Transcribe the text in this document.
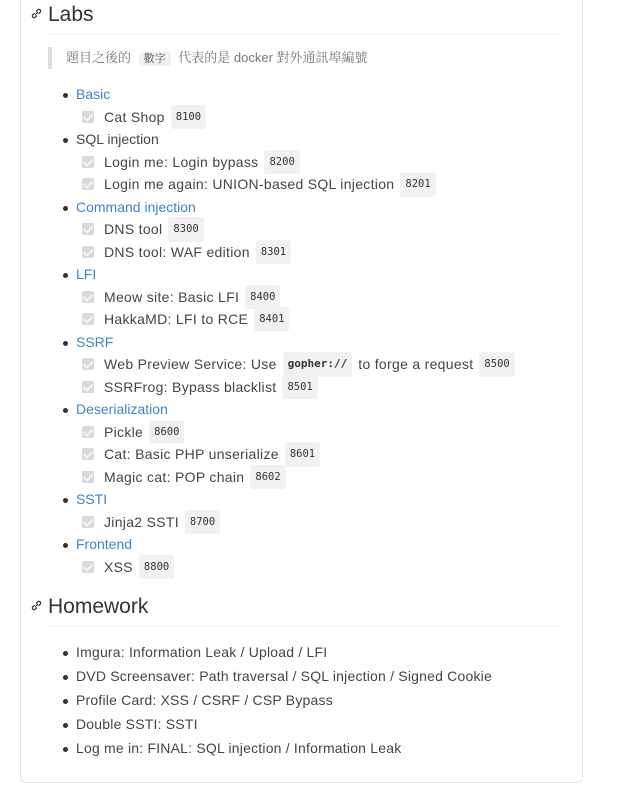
Labs
題目之後的 數字 代表的是 docker 對外通訊埠編號
Basic
Cat Shop	8100
SQL injection
Login me: Login bypass	8200
Login me again: UNION-based SQL injection	8201
Command injection
DNS tool	8300
DNS tool: WAF edition	8301
LFI
Meow site: Basic LFI	8400
HakkaMD: LFI to RCE	8401
SSRF
Web Preview Service: Use	gopher:// to forge a request	8500
SSRFrog: Bypass blacklist	8501
Deserialization
Pickle	8600
Cat: Basic PHP unserialize	8601
Magic cat: POP chain	8602
SSTI
Jinja2 SSTI	8700
Frontend
XSS	8800
Homework
Imgura: Information Leak / Upload / LFI
DVD Screensaver: Path traversal / SQL injection / Signed Cookie
Profile Card: XSS / CSRF / CSP Bypass
Double SSTI: SSTI
Log me in: FINAL: SQL injection / Information Leak
